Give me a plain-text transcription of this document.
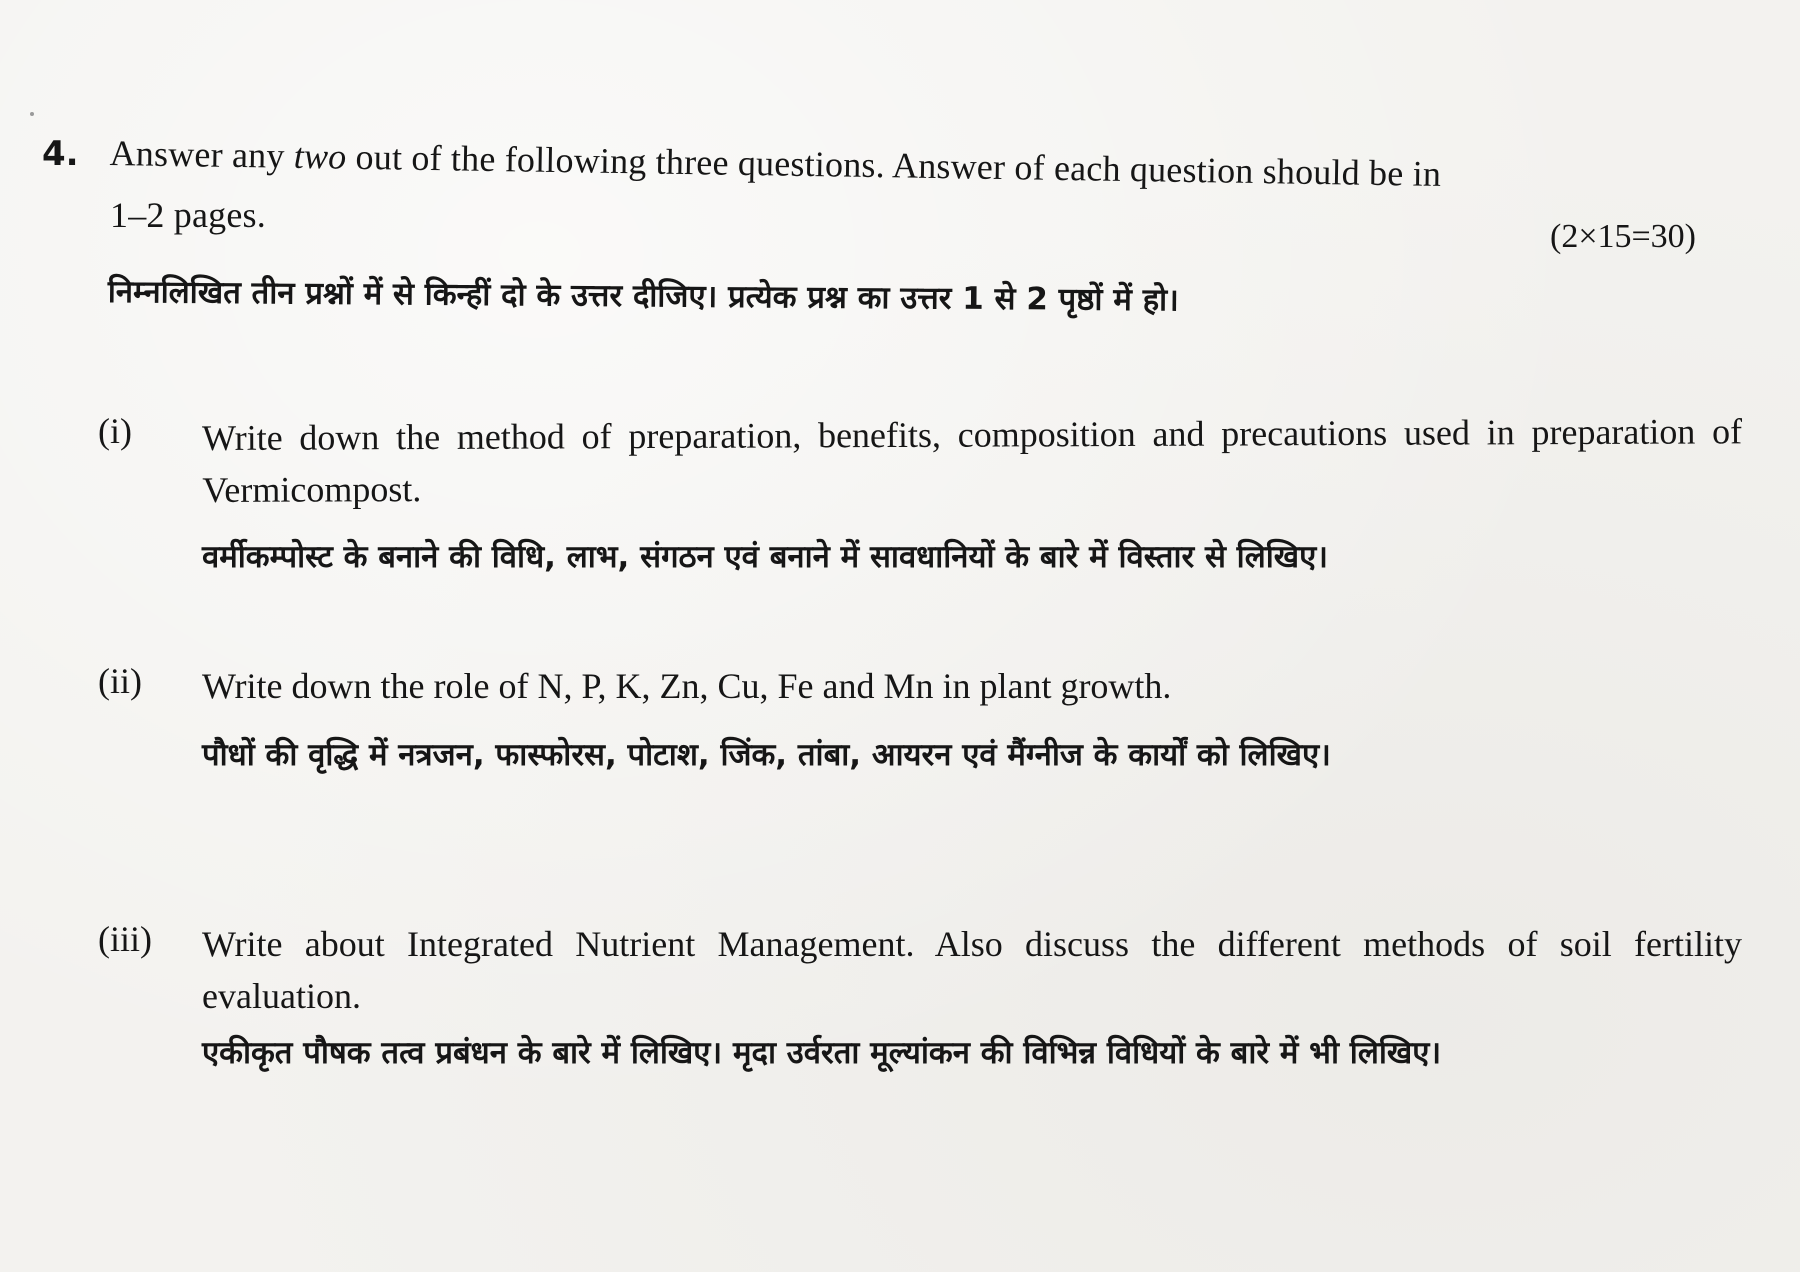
4. Answer any two out of the following three questions. Answer of each question should be in
1–2 pages.
(2×15=30)
निम्नलिखित तीन प्रश्नों में से किन्हीं दो के उत्तर दीजिए। प्रत्येक प्रश्न का उत्तर 1 से 2 पृष्ठों में हो।
(i) Write down the method of preparation, benefits, composition and precautions used in preparation of Vermicompost.
वर्मीकम्पोस्ट के बनाने की विधि, लाभ, संगठन एवं बनाने में सावधानियों के बारे में विस्तार से लिखिए।
(ii) Write down the role of N, P, K, Zn, Cu, Fe and Mn in plant growth.
पौधों की वृद्धि में नत्रजन, फास्फोरस, पोटाश, जिंक, तांबा, आयरन एवं मैंग्नीज के कार्यों को लिखिए।
(iii) Write about Integrated Nutrient Management. Also discuss the different methods of soil fertility evaluation.
एकीकृत पौषक तत्व प्रबंधन के बारे में लिखिए। मृदा उर्वरता मूल्यांकन की विभिन्न विधियों के बारे में भी लिखिए।
